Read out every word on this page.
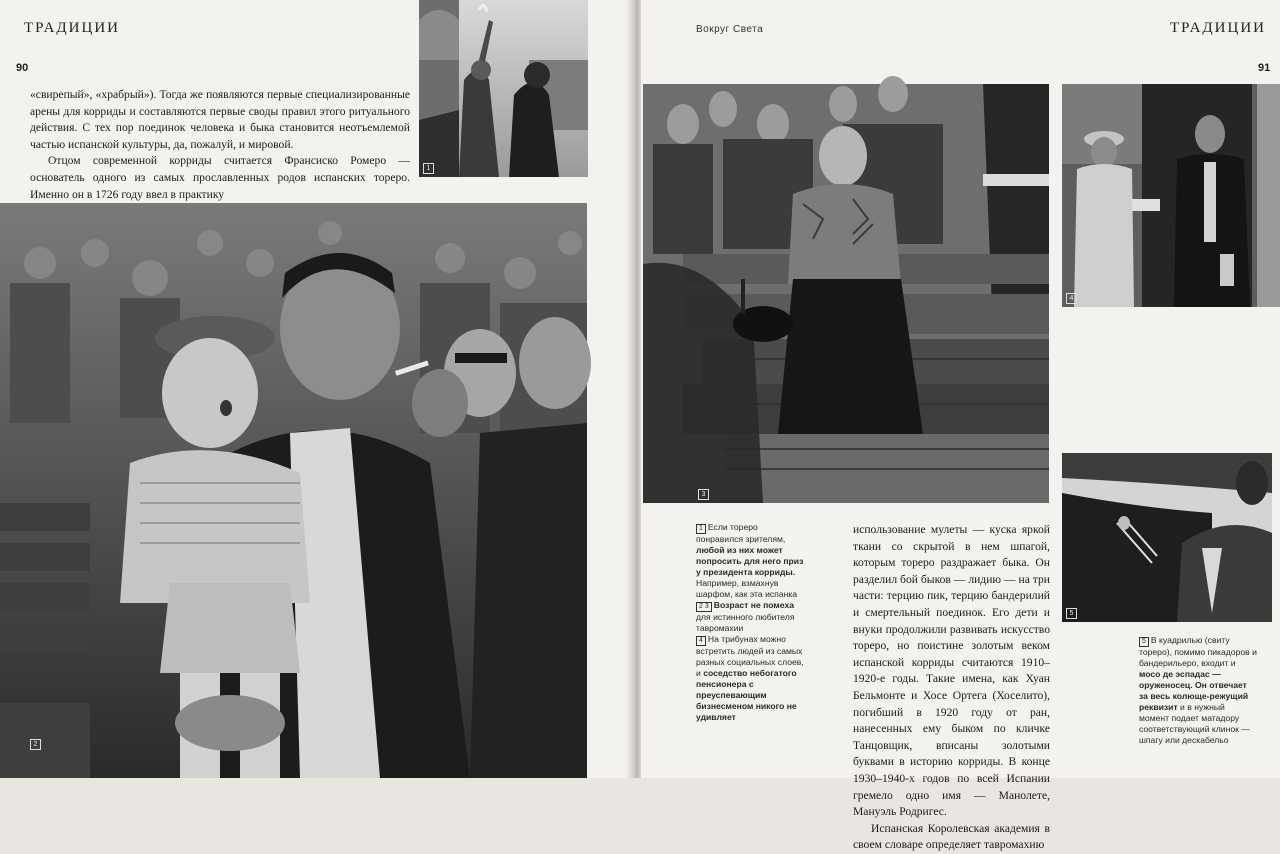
ТРАДИЦИИ
90

«свирепый», «храбрый»). Тогда же появляются первые специализированные арены для корриды и составляются первые своды правил этого ритуального действия. С тех пор поединок человека и быка становится неотъемлемой частью испанской культуры, да, пожалуй, и мировой.

Отцом современной корриды считается Франсиско Ромеро — основатель одного из самых прославленных родов испанских тореро. Именно он в 1726 году ввел в практику

1
2
Вокруг Света	ТРАДИЦИИ
91
3
4
5
1 Если тореро понравился зрителям, любой из них может попросить для него приз у президента корриды. Например, взмахнув шарфом, как эта испанка
2 3 Возраст не помеха для истинного любителя тавромахии
4 На трибунах можно встретить людей из самых разных социальных слоев, и соседство небогатого пенсионера с преуспевающим бизнесменом никого не удивляет

использование мулеты — куска яркой ткани со скрытой в нем шпагой, которым тореро раздражает быка. Он разделил бой быков — лидию — на три части: терцию пик, терцию бандерилий и смертельный поединок. Его дети и внуки продолжили развивать искусство тореро, но поистине золотым веком испанской корриды считаются 1910–1920-е годы. Такие имена, как Хуан Бельмонте и Хосе Ортега (Хоселито), погибший в 1920 году от ран, нанесенных ему быком по кличке Танцовщик, вписаны золотыми буквами в историю корриды. В конце 1930–1940-х годов по всей Испании гремело одно имя — Манолете, Мануэль Родригес.

Испанская Королевская академия в своем словаре определяет тавромахию

5 В куадрилью (свиту тореро), помимо пикадоров и бандерильеро, входит и мосо де эспадас — оруженосец. Он отвечает за весь колюще-режущий реквизит и в нужный момент подает матадору соответствующий клинок — шпагу или дескабельо
